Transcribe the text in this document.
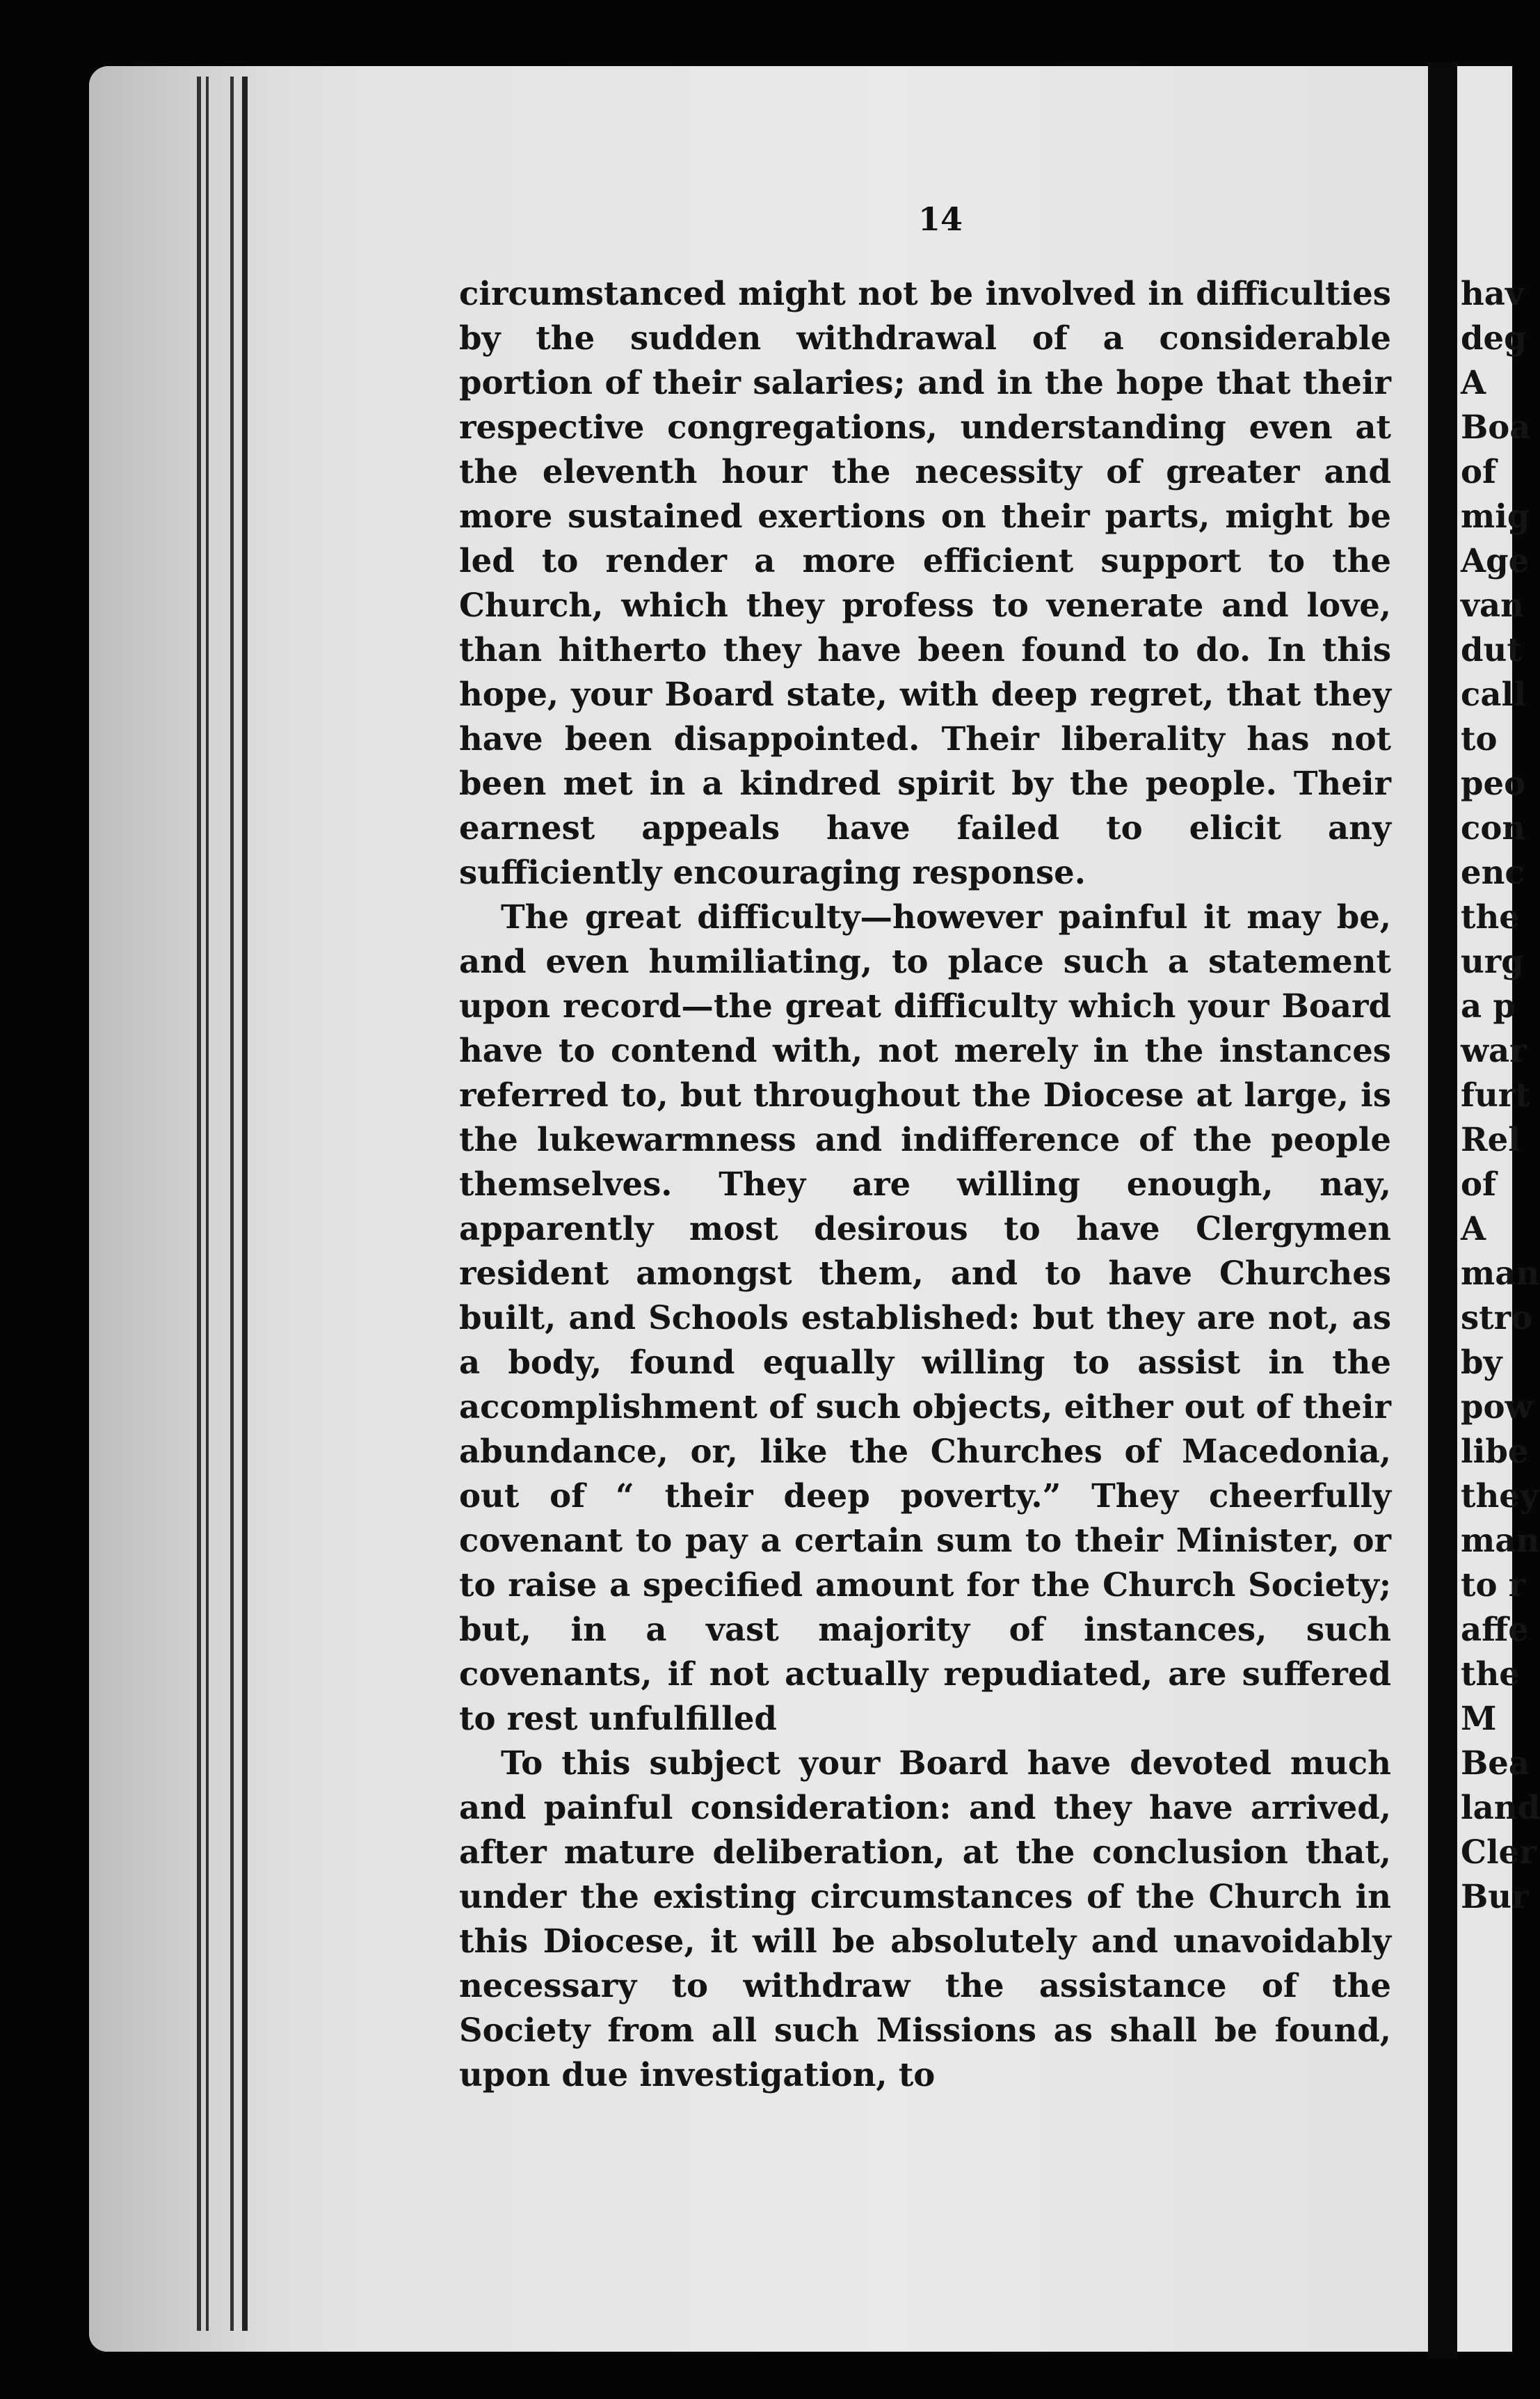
14

circumstanced might not be involved in difficulties by the sudden withdrawal of a considerable portion of their salaries; and in the hope that their respective congregations, understanding even at the eleventh hour the necessity of greater and more sustained exertions on their parts, might be led to render a more efficient support to the Church, which they profess to venerate and love, than hitherto they have been found to do. In this hope, your Board state, with deep regret, that they have been disappointed. Their liberality has not been met in a kindred spirit by the people. Their earnest appeals have failed to elicit any sufficiently encouraging response.

The great difficulty—however painful it may be, and even humiliating, to place such a statement upon record—the great difficulty which your Board have to contend with, not merely in the instances referred to, but throughout the Diocese at large, is the lukewarmness and indifference of the people themselves. They are willing enough, nay, apparently most desirous to have Clergymen resident amongst them, and to have Churches built, and Schools established: but they are not, as a body, found equally willing to assist in the accomplishment of such objects, either out of their abundance, or, like the Churches of Macedonia, out of “ their deep poverty.” They cheerfully covenant to pay a certain sum to their Minister, or to raise a specified amount for the Church Society; but, in a vast majority of instances, such covenants, if not actually repudiated, are suffered to rest unfulfilled

To this subject your Board have devoted much and painful consideration: and they have arrived, after mature deliberation, at the conclusion that, under the existing circumstances of the Church in this Diocese, it will be absolutely and unavoidably necessary to withdraw the assistance of the Society from all such Missions as shall be found, upon due investigation, to

hav
deg
A
Boa
of
mig
Age
van
dut
call
to
peo
con
enc
the
urg
a p
war
furt
Rel
of
A
man
stro
by
pow
libe
they
man
to r
affe
the
M
Bea
land
Cler
Bur
